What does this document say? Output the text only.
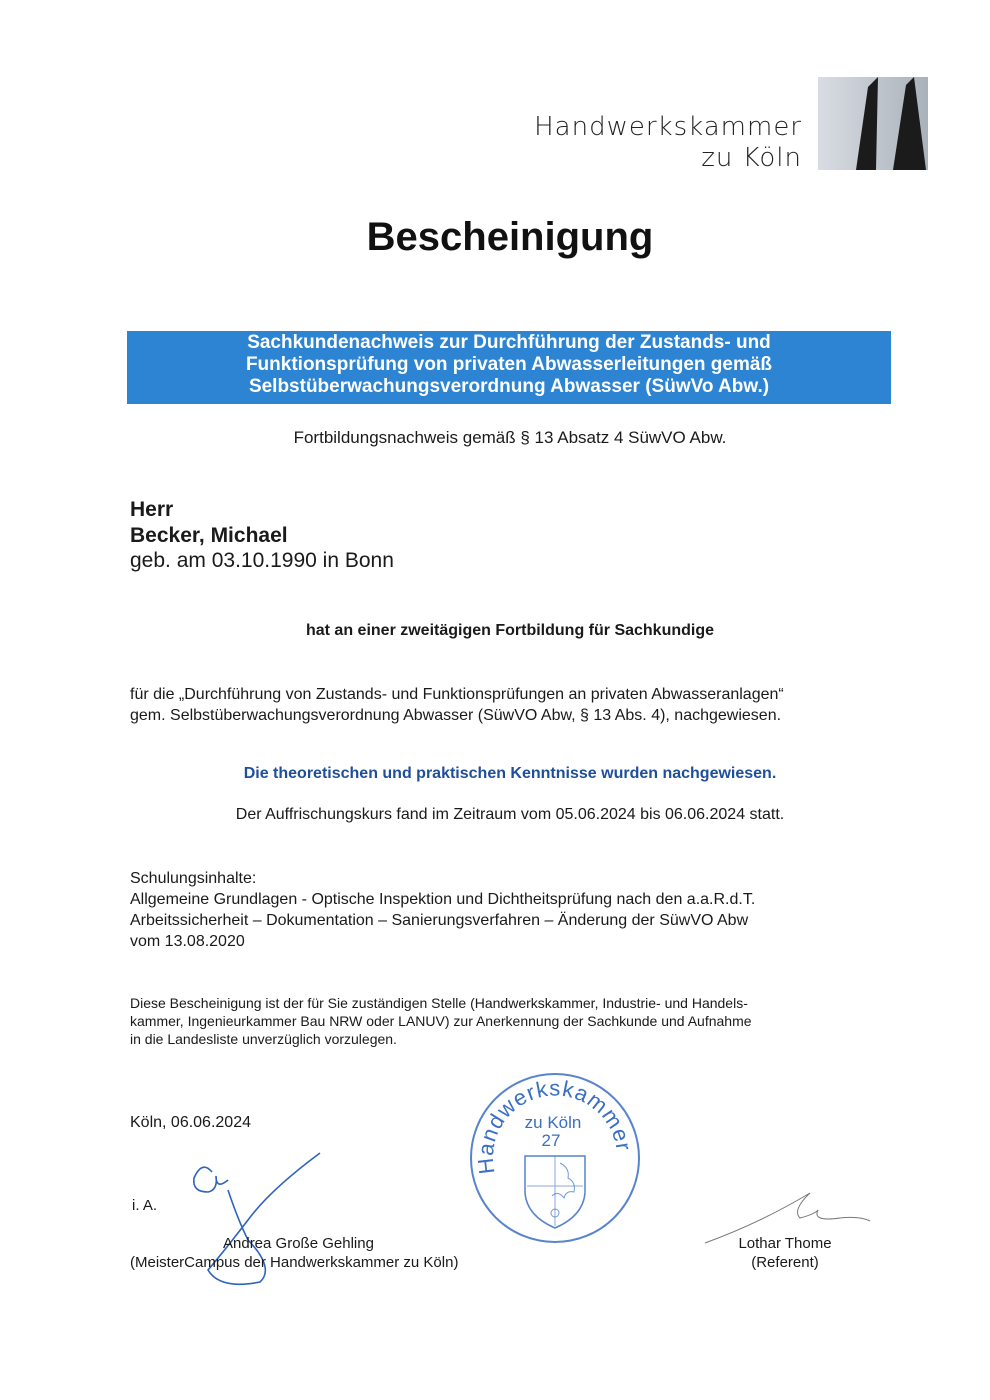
Handwerkskammer
zu Köln
Bescheinigung
Sachkundenachweis zur Durchführung der Zustands- und
Funktionsprüfung von privaten Abwasserleitungen gemäß
Selbstüberwachungsverordnung Abwasser (SüwVo Abw.)
Fortbildungsnachweis gemäß § 13 Absatz 4 SüwVO Abw.
Herr
Becker, Michael
geb. am 03.10.1990 in Bonn
hat an einer zweitägigen Fortbildung für Sachkundige
für die „Durchführung von Zustands- und Funktionsprüfungen an privaten Abwasseranlagen“
gem. Selbstüberwachungsverordnung Abwasser (SüwVO Abw, § 13 Abs. 4), nachgewiesen.
Die theoretischen und praktischen Kenntnisse wurden nachgewiesen.
Der Auffrischungskurs fand im Zeitraum vom 05.06.2024 bis 06.06.2024 statt.
Schulungsinhalte:
Allgemeine Grundlagen - Optische Inspektion und Dichtheitsprüfung nach den a.a.R.d.T.
Arbeitssicherheit – Dokumentation – Sanierungsverfahren – Änderung der SüwVO Abw
vom 13.08.2020
Diese Bescheinigung ist der für Sie zuständigen Stelle (Handwerkskammer, Industrie- und Handels-
kammer, Ingenieurkammer Bau NRW oder LANUV) zur Anerkennung der Sachkunde und Aufnahme
in die Landesliste unverzüglich vorzulegen.
Köln, 06.06.2024
i. A.
Handwerkskammer
zu Köln
27
Andrea Große Gehling
(MeisterCampus der Handwerkskammer zu Köln)
Lothar Thome
(Referent)
